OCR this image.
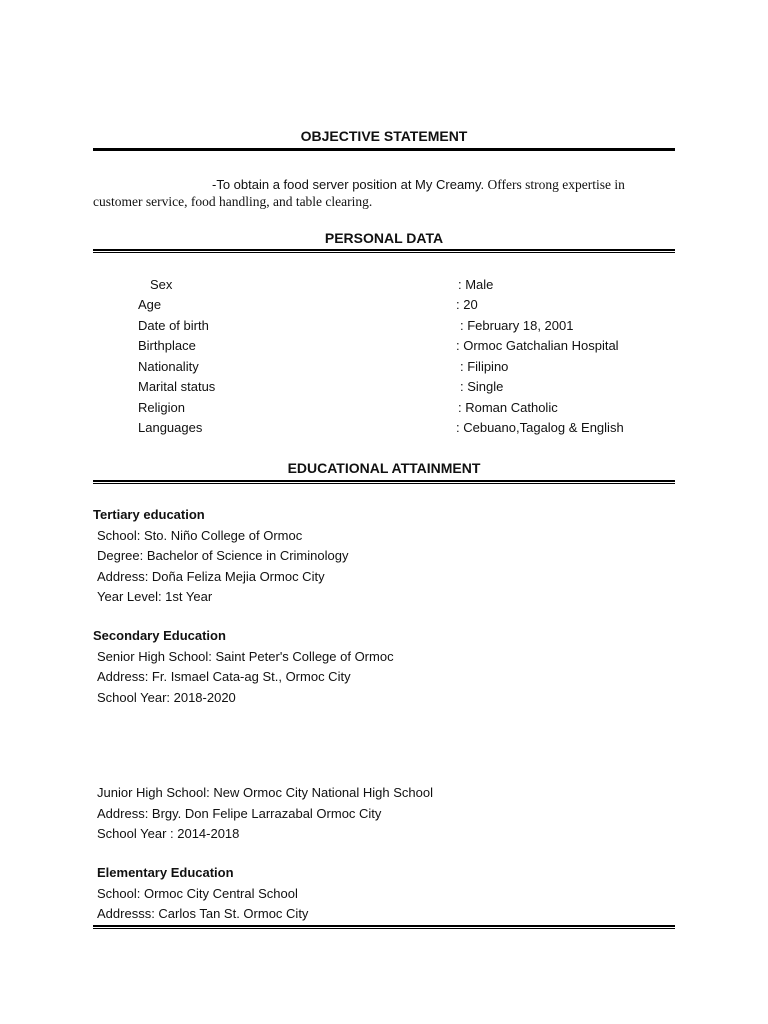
OBJECTIVE STATEMENT
-To obtain a food server position at My Creamy. Offers strong expertise in
customer service, food handling, and table clearing.
PERSONAL DATA
Sex	: Male
Age	: 20
Date of birth	: February 18, 2001
Birthplace	: Ormoc Gatchalian Hospital
Nationality	: Filipino
Marital status	: Single
Religion	: Roman Catholic
Languages	: Cebuano,Tagalog & English
EDUCATIONAL ATTAINMENT
Tertiary education
School: Sto. Niño College of Ormoc
Degree: Bachelor of Science in Criminology
Address: Doña Feliza Mejia Ormoc City
Year Level: 1st Year
Secondary Education
Senior High School: Saint Peter's College of Ormoc
Address: Fr. Ismael Cata-ag St., Ormoc City
School Year: 2018-2020
Junior High School: New Ormoc City National High School
Address: Brgy. Don Felipe Larrazabal Ormoc City
School Year : 2014-2018
Elementary Education
School: Ormoc City Central School
Addresss: Carlos Tan St. Ormoc City
